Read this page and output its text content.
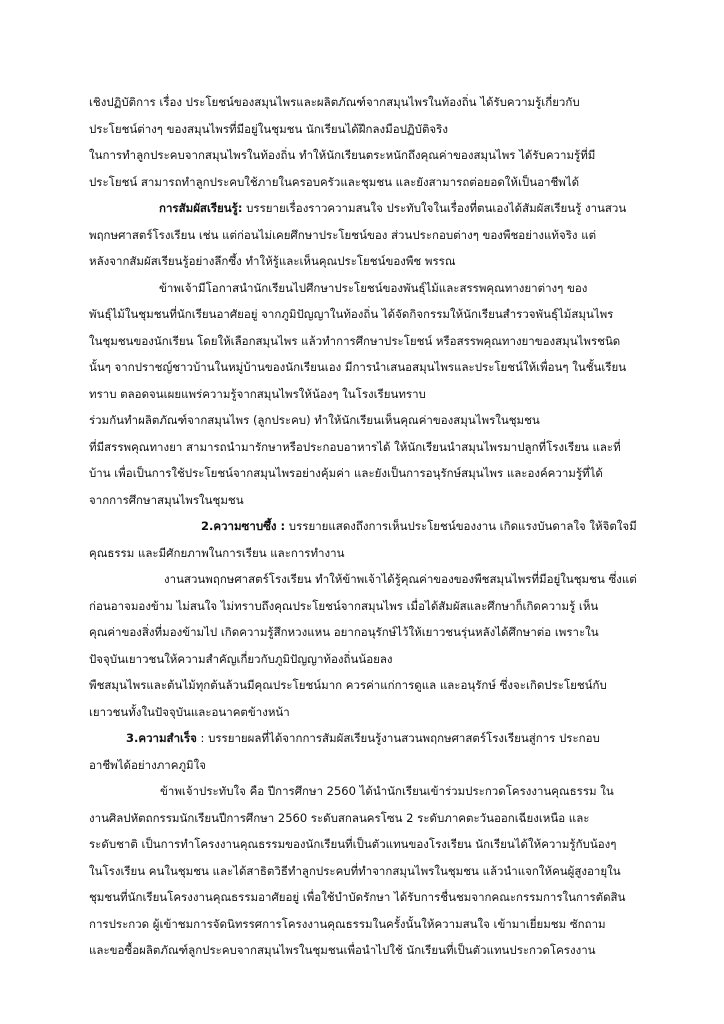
เชิงปฏิบัติการ เรื่อง ประโยชน์ของสมุนไพรและผลิตภัณฑ์จากสมุนไพรในท้องถิ่น ได้รับความรู้เกี่ยวกับ
ประโยชน์ต่างๆ ของสมุนไพรที่มีอยู่ในชุมชน นักเรียนได้ฝึกลงมือปฏิบัติจริง
ในการทำลูกประคบจากสมุนไพรในท้องถิ่น ทำให้นักเรียนตระหนักถึงคุณค่าของสมุนไพร ได้รับความรู้ที่มี
ประโยชน์ สามารถทำลูกประคบใช้ภายในครอบครัวและชุมชน และยังสามารถต่อยอดให้เป็นอาชีพได้
การสัมผัสเรียนรู้: บรรยายเรื่องราวความสนใจ ประทับใจในเรื่องที่ตนเองได้สัมผัสเรียนรู้ งานสวน
พฤกษศาสตร์โรงเรียน เช่น แต่ก่อนไม่เคยศึกษาประโยชน์ของ ส่วนประกอบต่างๆ ของพืชอย่างแท้จริง แต่
หลังจากสัมผัสเรียนรู้อย่างลึกซึ้ง ทำให้รู้และเห็นคุณประโยชน์ของพืช พรรณ
ข้าพเจ้ามีโอกาสนำนักเรียนไปศึกษาประโยชน์ของพันธุ์ไม้และสรรพคุณทางยาต่างๆ ของ
พันธุ์ไม้ในชุมชนที่นักเรียนอาศัยอยู่ จากภูมิปัญญาในท้องถิ่น ได้จัดกิจกรรมให้นักเรียนสำรวจพันธุ์ไม้สมุนไพร
ในชุมชนของนักเรียน โดยให้เลือกสมุนไพร แล้วทำการศึกษาประโยชน์ หรือสรรพคุณทางยาของสมุนไพรชนิด
นั้นๆ จากปราชญ์ชาวบ้านในหมู่บ้านของนักเรียนเอง มีการนำเสนอสมุนไพรและประโยชน์ให้เพื่อนๆ ในชั้นเรียน
ทราบ ตลอดจนเผยแพร่ความรู้จากสมุนไพรให้น้องๆ ในโรงเรียนทราบ
ร่วมกันทำผลิตภัณฑ์จากสมุนไพร (ลูกประคบ) ทำให้นักเรียนเห็นคุณค่าของสมุนไพรในชุมชน
ที่มีสรรพคุณทางยา สามารถนำมารักษาหรือประกอบอาหารได้ ให้นักเรียนนำสมุนไพรมาปลูกที่โรงเรียน และที่
บ้าน เพื่อเป็นการใช้ประโยชน์จากสมุนไพรอย่างคุ้มค่า และยังเป็นการอนุรักษ์สมุนไพร และองค์ความรู้ที่ได้
จากการศึกษาสมุนไพรในชุมชน
2.ความซาบซึ้ง : บรรยายแสดงถึงการเห็นประโยชน์ของงาน เกิดแรงบันดาลใจ ให้จิตใจมี
คุณธรรม และมีศักยภาพในการเรียน และการทำงาน
งานสวนพฤกษศาสตร์โรงเรียน ทำให้ข้าพเจ้าได้รู้คุณค่าของของพืชสมุนไพรที่มีอยู่ในชุมชน ซึ่งแต่
ก่อนอาจมองข้าม ไม่สนใจ ไม่ทราบถึงคุณประโยชน์จากสมุนไพร เมื่อได้สัมผัสและศึกษาก็เกิดความรู้ เห็น
คุณค่าของสิ่งที่มองข้ามไป เกิดความรู้สึกหวงแหน อยากอนุรักษ์ไว้ให้เยาวชนรุ่นหลังได้ศึกษาต่อ เพราะใน
ปัจจุบันเยาวชนให้ความสำคัญเกี่ยวกับภูมิปัญญาท้องถิ่นน้อยลง
พืชสมุนไพรและต้นไม้ทุกต้นล้วนมีคุณประโยชน์มาก ควรค่าแก่การดูแล และอนุรักษ์ ซึ่งจะเกิดประโยชน์กับ
เยาวชนทั้งในปัจจุบันและอนาคตข้างหน้า
3.ความสำเร็จ : บรรยายผลที่ได้จากการสัมผัสเรียนรู้งานสวนพฤกษศาสตร์โรงเรียนสู่การ ประกอบ
อาชีพได้อย่างภาคภูมิใจ
ข้าพเจ้าประทับใจ คือ ปีการศึกษา 2560 ได้นำนักเรียนเข้าร่วมประกวดโครงงานคุณธรรม ใน
งานศิลปหัตถกรรมนักเรียนปีการศึกษา 2560 ระดับสกลนครโซน 2 ระดับภาคตะวันออกเฉียงเหนือ และ
ระดับชาติ เป็นการทำโครงงานคุณธรรมของนักเรียนที่เป็นตัวแทนของโรงเรียน นักเรียนได้ให้ความรู้กับน้องๆ
ในโรงเรียน คนในชุมชน และได้สาธิตวิธีทำลูกประคบที่ทำจากสมุนไพรในชุมชน แล้วนำแจกให้คนผู้สูงอายุใน
ชุมชนที่นักเรียนโครงงานคุณธรรมอาศัยอยู่ เพื่อใช้บำบัดรักษา ได้รับการชื่นชมจากคณะกรรมการในการตัดสิน
การประกวด ผู้เข้าชมการจัดนิทรรศการโครงงานคุณธรรมในครั้งนั้นให้ความสนใจ เข้ามาเยี่ยมชม ซักถาม
และขอซื้อผลิตภัณฑ์ลูกประคบจากสมุนไพรในชุมชนเพื่อนำไปใช้ นักเรียนที่เป็นตัวแทนประกวดโครงงาน
